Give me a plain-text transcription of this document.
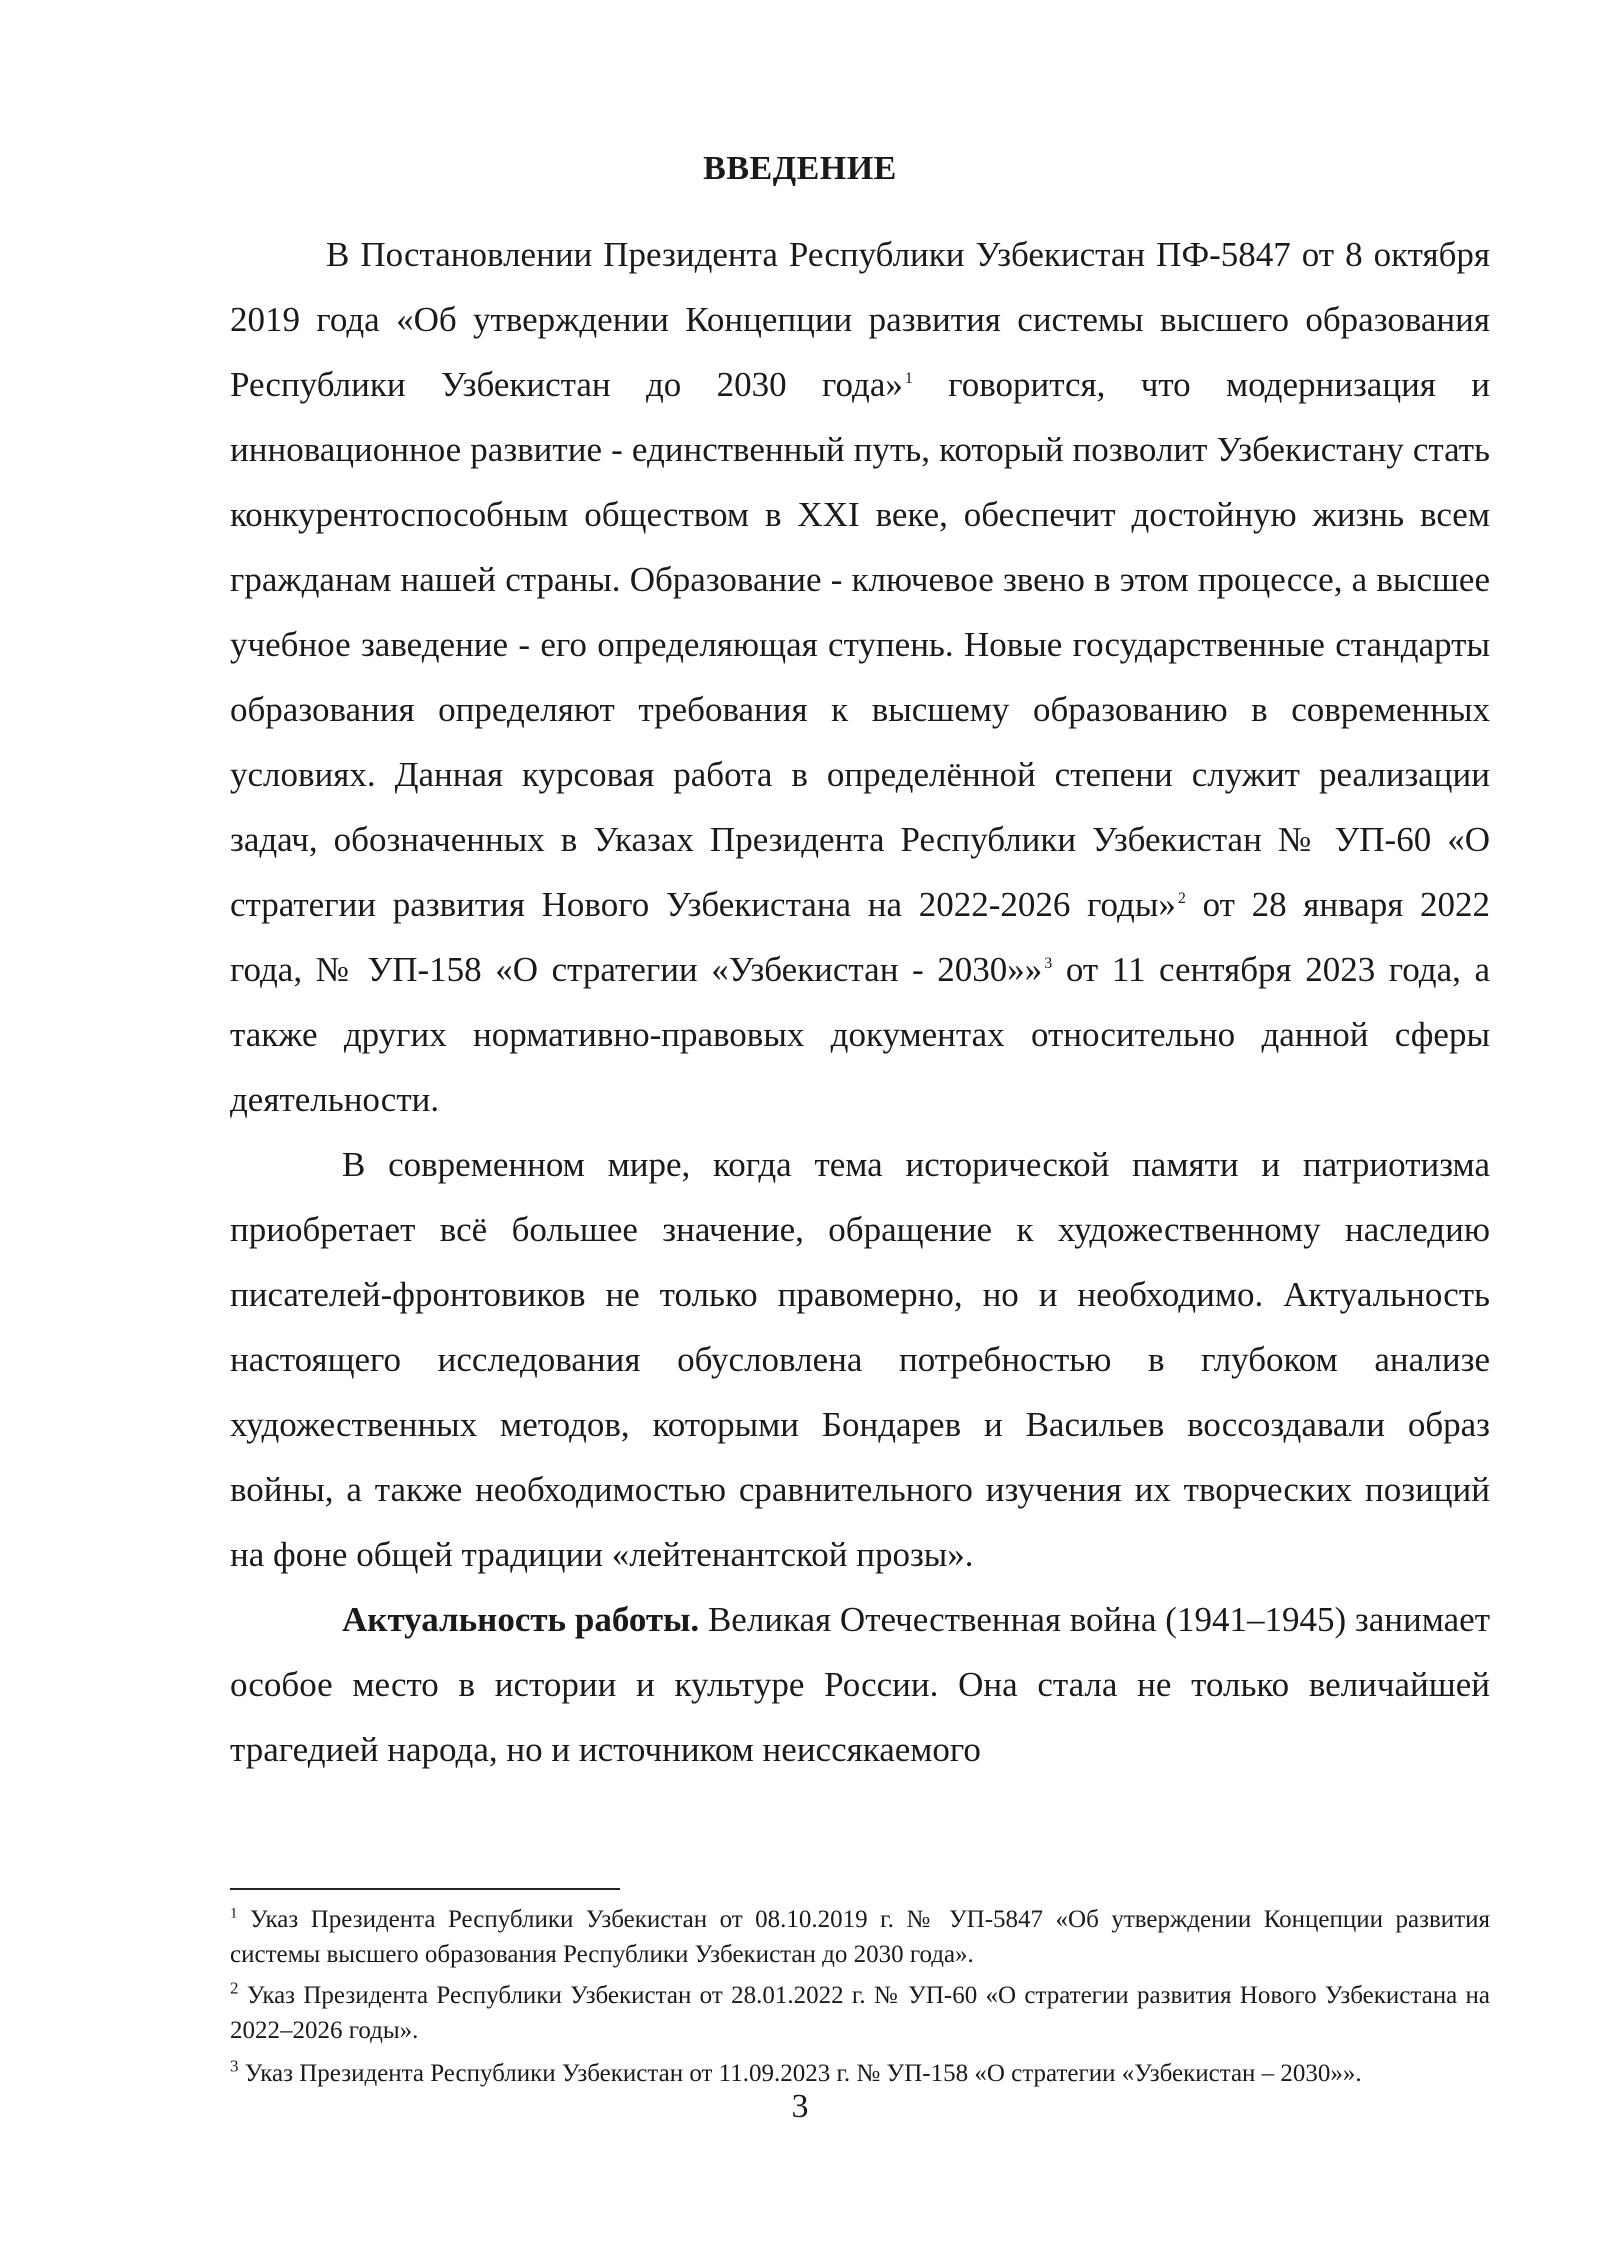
ВВЕДЕНИЕ

В Постановлении Президента Республики Узбекистан ПФ-5847 от 8 октября 2019 года «Об утверждении Концепции развития системы высшего образования Республики Узбекистан до 2030 года» $^1$ говорится, что модернизация и инновационное развитие - единственный путь, который позволит Узбекистану стать конкурентоспособным обществом в XXI веке, обеспечит достойную жизнь всем гражданам нашей страны. Образование - ключевое звено в этом процессе, а высшее учебное заведение - его определяющая ступень. Новые государственные стандарты образования определяют требования к высшему образованию в современных условиях. Данная курсовая работа в определённой степени служит реализации задач, обозначенных в Указах Президента Республики Узбекистан № УП-60 «О стратегии развития Нового Узбекистана на 2022-2026 годы» $^2$ от 28 января 2022 года, № УП-158 «О стратегии «Узбекистан - 2030»» $^3$ от 11 сентября 2023 года, а также других нормативно-правовых документах относительно данной сферы деятельности.

В современном мире, когда тема исторической памяти и патриотизма приобретает всё большее значение, обращение к художественному наследию писателей-фронтовиков не только правомерно, но и необходимо. Актуальность настоящего исследования обусловлена потребностью в глубоком анализе художественных методов, которыми Бондарев и Васильев воссоздавали образ войны, а также необходимостью сравнительного изучения их творческих позиций на фоне общей традиции «лейтенантской прозы».

Актуальность работы. Великая Отечественная война (1941–1945) занимает особое место в истории и культуре России. Она стала не только величайшей трагедией народа, но и источником неиссякаемого

$^1$ Указ Президента Республики Узбекистан от 08.10.2019 г. № УП-5847 «Об утверждении Концепции развития системы высшего образования Республики Узбекистан до 2030 года».

$^2$ Указ Президента Республики Узбекистан от 28.01.2022 г. № УП-60 «О стратегии развития Нового Узбекистана на 2022–2026 годы».

$^3$ Указ Президента Республики Узбекистан от 11.09.2023 г. № УП-158 «О стратегии «Узбекистан – 2030»».

3
